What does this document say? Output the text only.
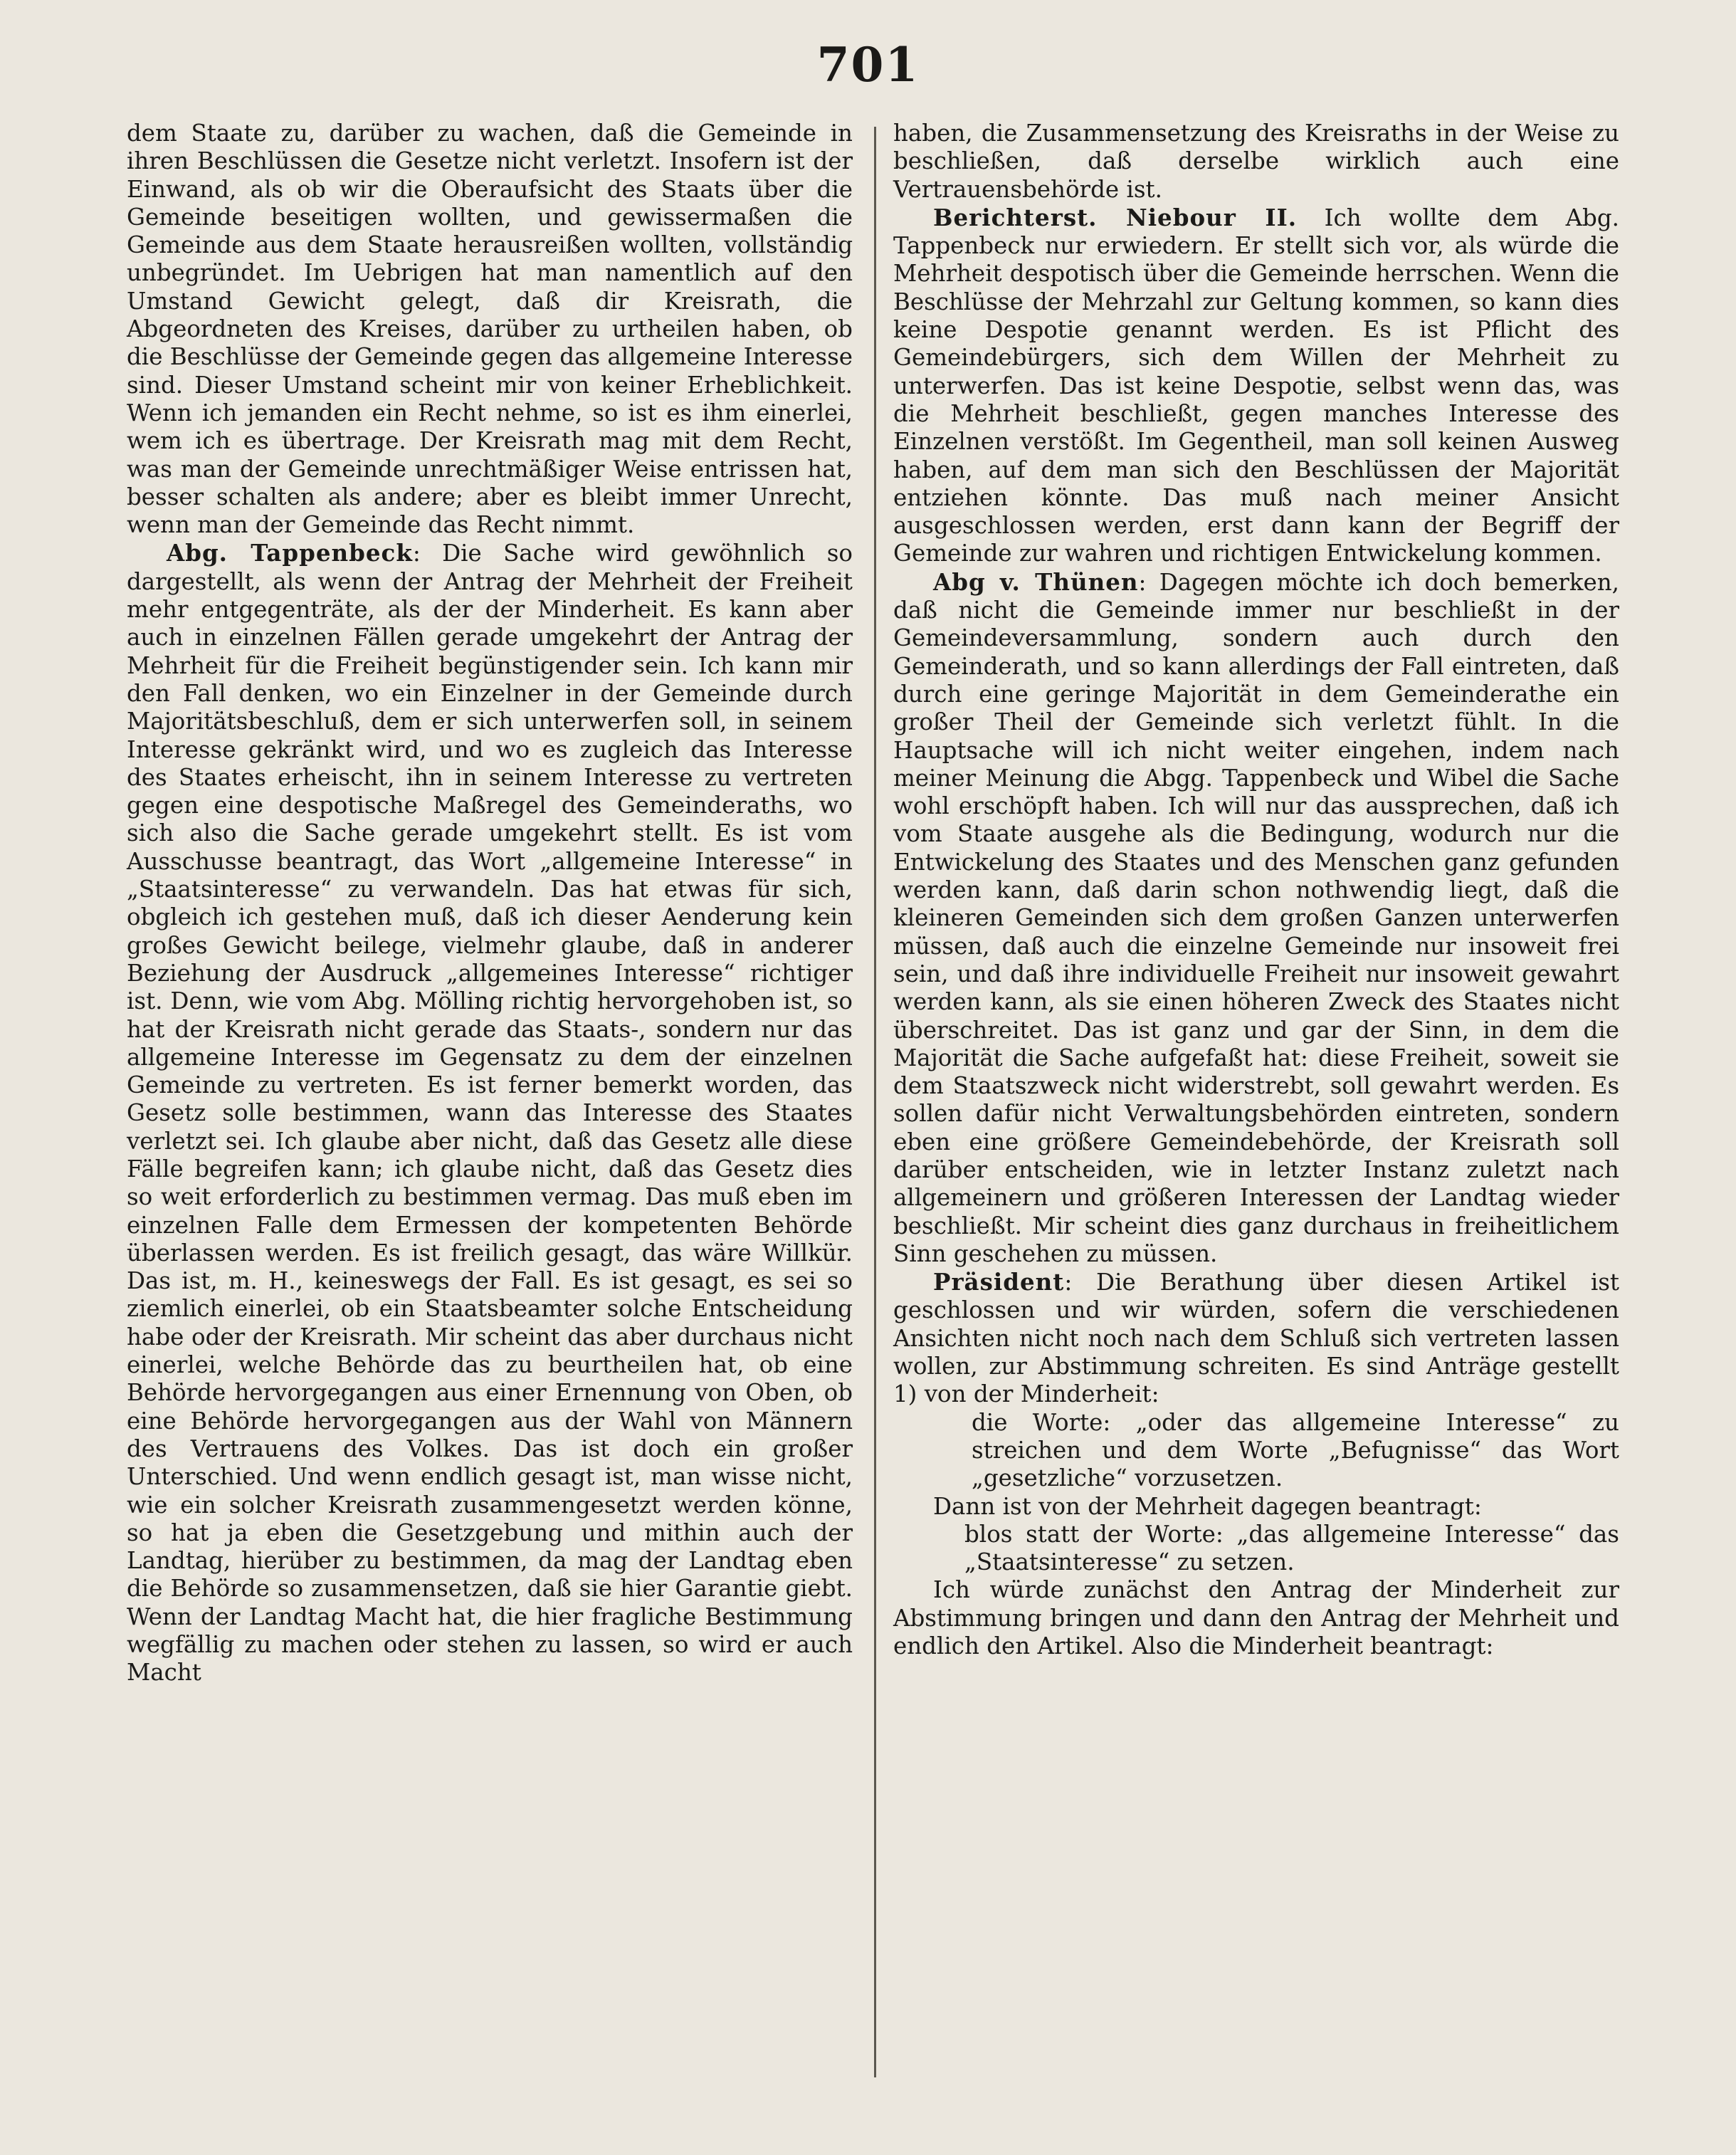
701

dem Staate zu, darüber zu wachen, daß die Gemeinde in ihren Beschlüssen die Gesetze nicht verletzt. Insofern ist der Einwand, als ob wir die Oberaufsicht des Staats über die Gemeinde beseitigen wollten, und gewissermaßen die Gemeinde aus dem Staate herausreißen wollten, vollständig unbegründet. Im Uebrigen hat man namentlich auf den Umstand Gewicht gelegt, daß dir Kreisrath, die Abgeordneten des Kreises, darüber zu urtheilen haben, ob die Beschlüsse der Gemeinde gegen das allgemeine Interesse sind. Dieser Umstand scheint mir von keiner Erheblichkeit. Wenn ich jemanden ein Recht nehme, so ist es ihm einerlei, wem ich es übertrage. Der Kreisrath mag mit dem Recht, was man der Gemeinde unrechtmäßiger Weise entrissen hat, besser schalten als andere; aber es bleibt immer Unrecht, wenn man der Gemeinde das Recht nimmt.

Abg. Tappenbeck: Die Sache wird gewöhnlich so dargestellt, als wenn der Antrag der Mehrheit der Freiheit mehr entgegenträte, als der der Minderheit. Es kann aber auch in einzelnen Fällen gerade umgekehrt der Antrag der Mehrheit für die Freiheit begünstigender sein. Ich kann mir den Fall denken, wo ein Einzelner in der Gemeinde durch Majoritätsbeschluß, dem er sich unterwerfen soll, in seinem Interesse gekränkt wird, und wo es zugleich das Interesse des Staates erheischt, ihn in seinem Interesse zu vertreten gegen eine despotische Maßregel des Gemeinderaths, wo sich also die Sache gerade umgekehrt stellt. Es ist vom Ausschusse beantragt, das Wort „allgemeine Interesse“ in „Staatsinteresse“ zu verwandeln. Das hat etwas für sich, obgleich ich gestehen muß, daß ich dieser Aenderung kein großes Gewicht beilege, vielmehr glaube, daß in anderer Beziehung der Ausdruck „allgemeines Interesse“ richtiger ist. Denn, wie vom Abg. Mölling richtig hervorgehoben ist, so hat der Kreisrath nicht gerade das Staats-, sondern nur das allgemeine Interesse im Gegensatz zu dem der einzelnen Gemeinde zu vertreten. Es ist ferner bemerkt worden, das Gesetz solle bestimmen, wann das Interesse des Staates verletzt sei. Ich glaube aber nicht, daß das Gesetz alle diese Fälle begreifen kann; ich glaube nicht, daß das Gesetz dies so weit erforderlich zu bestimmen vermag. Das muß eben im einzelnen Falle dem Ermessen der kompetenten Behörde überlassen werden. Es ist freilich gesagt, das wäre Willkür. Das ist, m. H., keineswegs der Fall. Es ist gesagt, es sei so ziemlich einerlei, ob ein Staatsbeamter solche Entscheidung habe oder der Kreisrath. Mir scheint das aber durchaus nicht einerlei, welche Behörde das zu beurtheilen hat, ob eine Behörde hervorgegangen aus einer Ernennung von Oben, ob eine Behörde hervorgegangen aus der Wahl von Männern des Vertrauens des Volkes. Das ist doch ein großer Unterschied. Und wenn endlich gesagt ist, man wisse nicht, wie ein solcher Kreisrath zusammengesetzt werden könne, so hat ja eben die Gesetzgebung und mithin auch der Landtag, hierüber zu bestimmen, da mag der Landtag eben die Behörde so zusammensetzen, daß sie hier Garantie giebt. Wenn der Landtag Macht hat, die hier fragliche Bestimmung wegfällig zu machen oder stehen zu lassen, so wird er auch Macht

haben, die Zusammensetzung des Kreisraths in der Weise zu beschließen, daß derselbe wirklich auch eine Vertrauensbehörde ist.

Berichterst. Niebour II. Ich wollte dem Abg. Tappenbeck nur erwiedern. Er stellt sich vor, als würde die Mehrheit despotisch über die Gemeinde herrschen. Wenn die Beschlüsse der Mehrzahl zur Geltung kommen, so kann dies keine Despotie genannt werden. Es ist Pflicht des Gemeindebürgers, sich dem Willen der Mehrheit zu unterwerfen. Das ist keine Despotie, selbst wenn das, was die Mehrheit beschließt, gegen manches Interesse des Einzelnen verstößt. Im Gegentheil, man soll keinen Ausweg haben, auf dem man sich den Beschlüssen der Majorität entziehen könnte. Das muß nach meiner Ansicht ausgeschlossen werden, erst dann kann der Begriff der Gemeinde zur wahren und richtigen Entwickelung kommen.

Abg v. Thünen: Dagegen möchte ich doch bemerken, daß nicht die Gemeinde immer nur beschließt in der Gemeindeversammlung, sondern auch durch den Gemeinderath, und so kann allerdings der Fall eintreten, daß durch eine geringe Majorität in dem Gemeinderathe ein großer Theil der Gemeinde sich verletzt fühlt. In die Hauptsache will ich nicht weiter eingehen, indem nach meiner Meinung die Abgg. Tappenbeck und Wibel die Sache wohl erschöpft haben. Ich will nur das aussprechen, daß ich vom Staate ausgehe als die Bedingung, wodurch nur die Entwickelung des Staates und des Menschen ganz gefunden werden kann, daß darin schon nothwendig liegt, daß die kleineren Gemeinden sich dem großen Ganzen unterwerfen müssen, daß auch die einzelne Gemeinde nur insoweit frei sein, und daß ihre individuelle Freiheit nur insoweit gewahrt werden kann, als sie einen höheren Zweck des Staates nicht überschreitet. Das ist ganz und gar der Sinn, in dem die Majorität die Sache aufgefaßt hat: diese Freiheit, soweit sie dem Staatszweck nicht widerstrebt, soll gewahrt werden. Es sollen dafür nicht Verwaltungsbehörden eintreten, sondern eben eine größere Gemeindebehörde, der Kreisrath soll darüber entscheiden, wie in letzter Instanz zuletzt nach allgemeinern und größeren Interessen der Landtag wieder beschließt. Mir scheint dies ganz durchaus in freiheitlichem Sinn geschehen zu müssen.

Präsident: Die Berathung über diesen Artikel ist geschlossen und wir würden, sofern die verschiedenen Ansichten nicht noch nach dem Schluß sich vertreten lassen wollen, zur Abstimmung schreiten. Es sind Anträge gestellt 1) von der Minderheit:

die Worte: „oder das allgemeine Interesse“ zu streichen und dem Worte „Befugnisse“ das Wort „gesetzliche“ vorzusetzen.

Dann ist von der Mehrheit dagegen beantragt:

blos statt der Worte: „das allgemeine Interesse“ das „Staatsinteresse“ zu setzen.

Ich würde zunächst den Antrag der Minderheit zur Abstimmung bringen und dann den Antrag der Mehrheit und endlich den Artikel. Also die Minderheit beantragt:
